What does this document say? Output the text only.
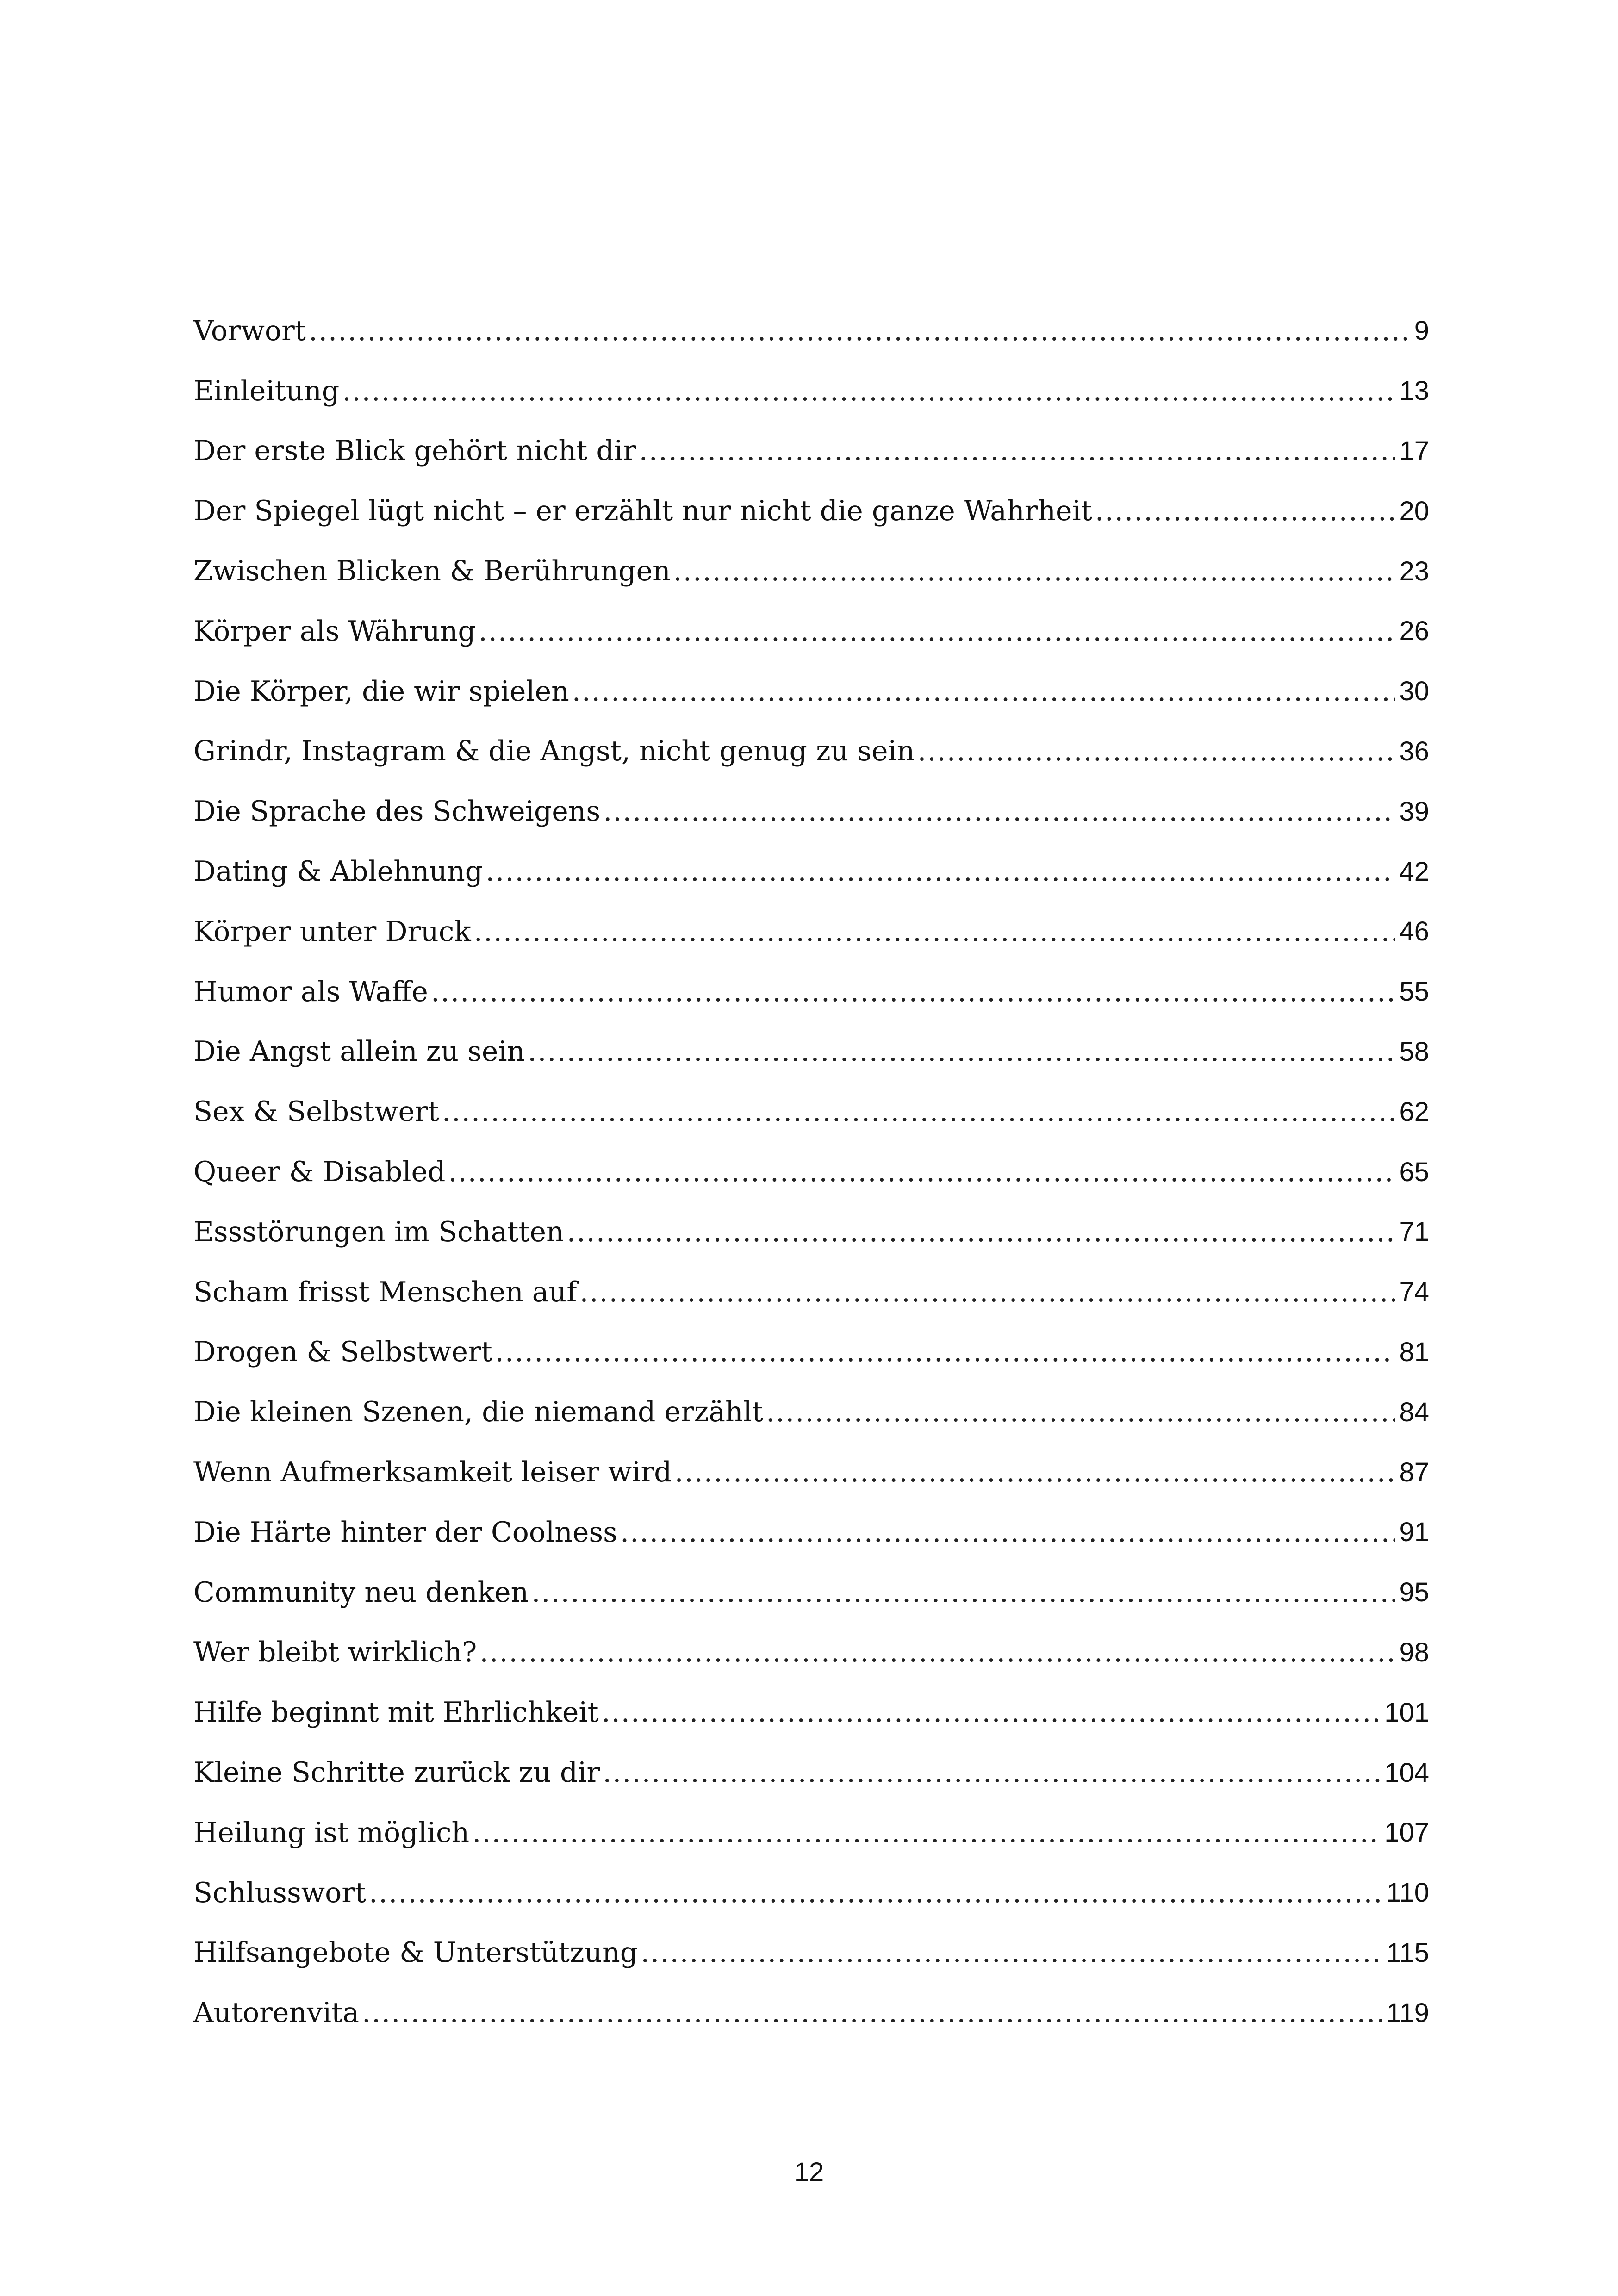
Vorwort .....	9
Einleitung .....	13
Der erste Blick gehört nicht dir .....	17
Der Spiegel lügt nicht – er erzählt nur nicht die ganze Wahrheit .....	20
Zwischen Blicken & Berührungen .....	23
Körper als Währung .....	26
Die Körper, die wir spielen .....	30
Grindr, Instagram & die Angst, nicht genug zu sein .....	36
Die Sprache des Schweigens .....	39
Dating & Ablehnung .....	42
Körper unter Druck .....	46
Humor als Waffe .....	55
Die Angst allein zu sein .....	58
Sex & Selbstwert .....	62
Queer & Disabled .....	65
Essstörungen im Schatten .....	71
Scham frisst Menschen auf .....	74
Drogen & Selbstwert .....	81
Die kleinen Szenen, die niemand erzählt .....	84
Wenn Aufmerksamkeit leiser wird .....	87
Die Härte hinter der Coolness .....	91
Community neu denken .....	95
Wer bleibt wirklich? .....	98
Hilfe beginnt mit Ehrlichkeit .....	101
Kleine Schritte zurück zu dir .....	104
Heilung ist möglich .....	107
Schlusswort .....	110
Hilfsangebote & Unterstützung .....	115
Autorenvita .....	119
12
